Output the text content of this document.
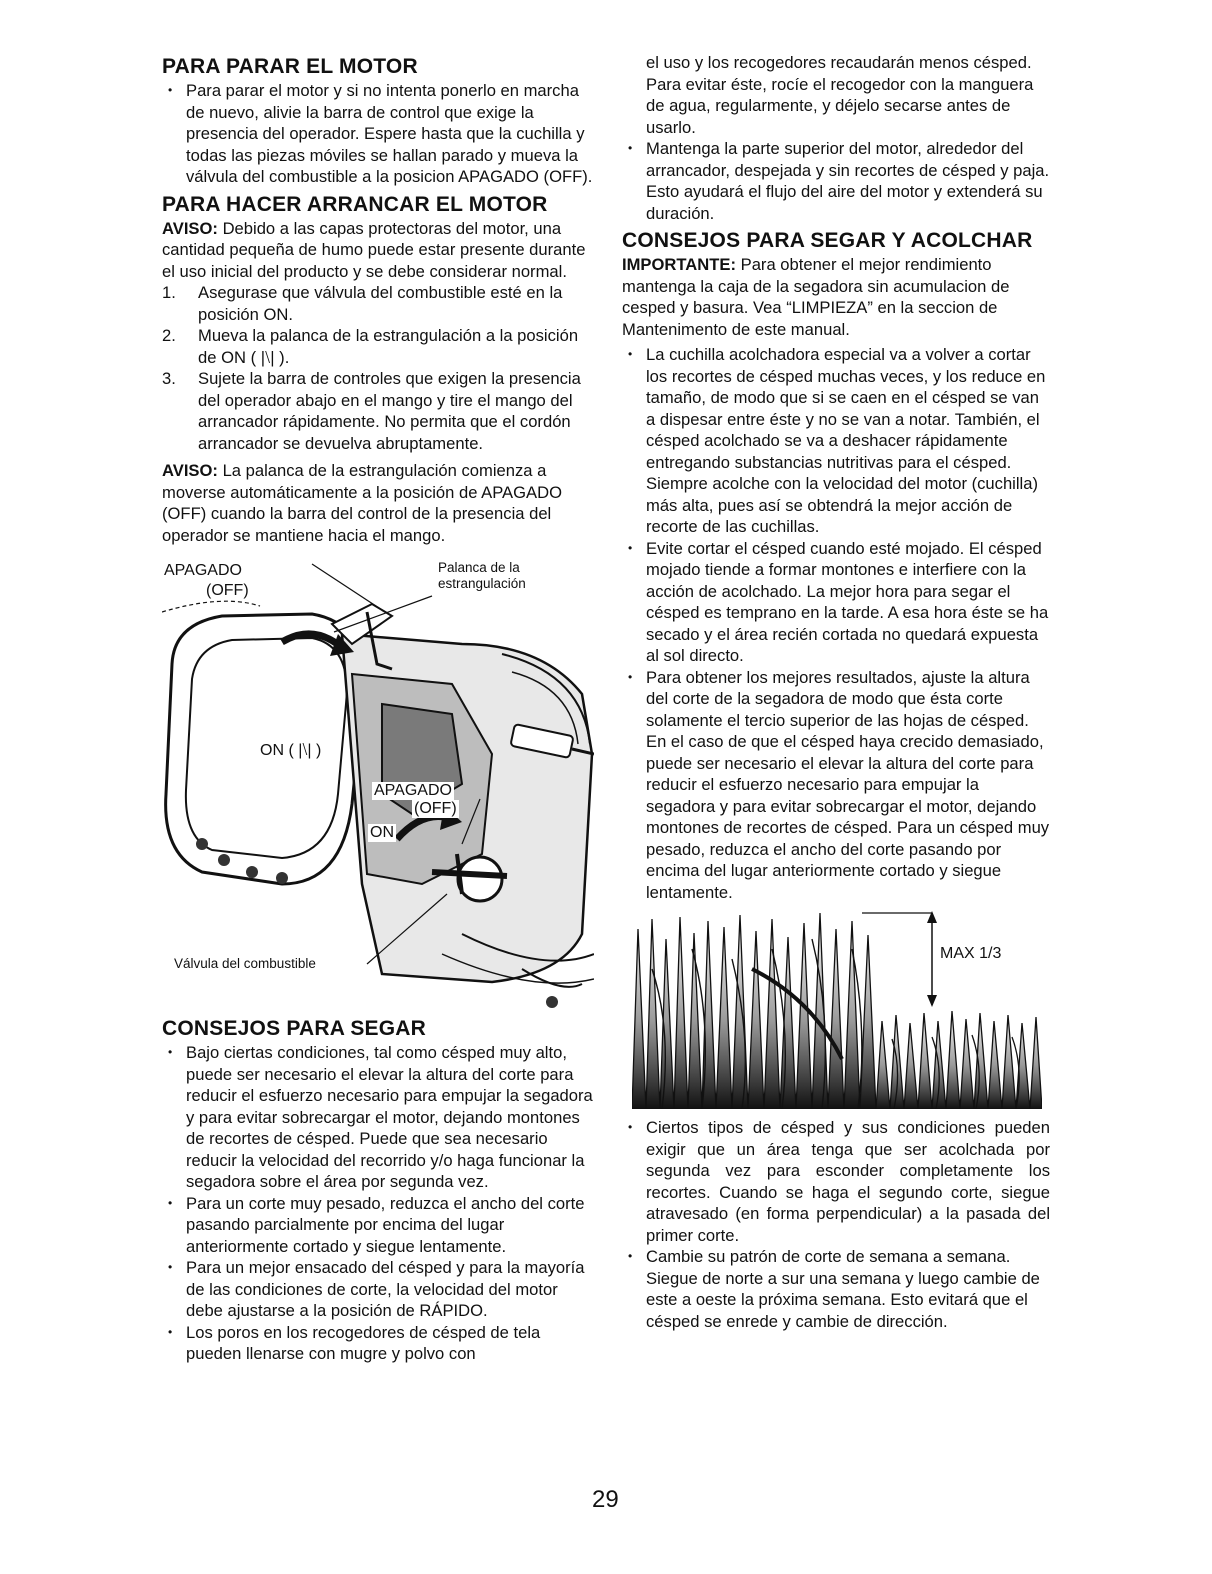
PARA PARAR EL MOTOR
• Para parar el motor y si no intenta ponerlo en marcha de nuevo, alivie la barra de control que exige la presencia del operador. Espere hasta que la cuchilla y todas las piezas móviles se hallan parado y mueva la válvula del combustible a la posicion APAGADO (OFF).
PARA HACER ARRANCAR EL MOTOR

AVISO: Debido a las capas protectoras del motor, una cantidad pequeña de humo puede estar presente durante el uso inicial del producto y se debe considerar normal.

1. Asegurase que válvula del combustible esté en la posición ON.
2. Mueva la palanca de la estrangulación a la posición de ON ( |⧵| ).
3. Sujete la barra de controles que exigen la presencia del operador abajo en el mango y tire el mango del arrancador rápidamente. No permita que el cordón arrancador se devuelva abruptamente.

AVISO: La palanca de la estrangulación comienza a moverse automáticamente a la posición de APAGADO (OFF) cuando la barra del control de la presencia del operador se mantiene hacia el mango.

APAGADO
(OFF)
Palanca de la
estrangulación
ON ( |⧵| )
APAGADO
(OFF)
ON
Válvula del combustible
CONSEJOS PARA SEGAR
• Bajo ciertas condiciones, tal como césped muy alto, puede ser necesario el elevar la altura del corte para reducir el esfuerzo necesario para empujar la segadora y para evitar sobrecargar el motor, dejando montones de recortes de césped. Puede que sea necesario reducir la velocidad del recorrido y/o haga funcionar la segadora sobre el área por segunda vez.
• Para un corte muy pesado, reduzca el ancho del corte pasando parcialmente por encima del lugar anteriormente cortado y siegue lentamente.
• Para un mejor ensacado del césped y para la mayoría de las condiciones de corte, la velocidad del motor debe ajustarse a la posición de RÁPIDO.
• Los poros en los recogedores de césped de tela pueden llenarse con mugre y polvo con

el uso y los recogedores recaudarán menos césped. Para evitar éste, rocíe el recogedor con la manguera de agua, regularmente, y déjelo secarse antes de usarlo.

• Mantenga la parte superior del motor, alrededor del arrancador, despejada y sin recortes de césped y paja. Esto ayudará el flujo del aire del motor y extenderá su duración.
CONSEJOS PARA SEGAR Y ACOLCHAR

IMPORTANTE: Para obtener el mejor rendimiento mantenga la caja de la segadora sin acumulacion de cesped y basura. Vea “LIMPIEZA” en la seccion de Mantenimento de este manual.

• La cuchilla acolchadora especial va a volver a cortar los recortes de césped muchas veces, y los reduce en tamaño, de modo que si se caen en el césped se van a dispesar entre éste y no se van a notar. También, el césped acolchado se va a deshacer rápidamente entregando substancias nutritivas para el césped. Siempre acolche con la velocidad del motor (cuchilla) más alta, pues así se obtendrá la mejor acción de recorte de las cuchillas.
• Evite cortar el césped cuando esté mojado. El césped mojado tiende a formar montones e interfiere con la acción de acolchado. La mejor hora para segar el césped es temprano en la tarde. A esa hora éste se ha secado y el área recién cortada no quedará expuesta al sol directo.
• Para obtener los mejores resultados, ajuste la altura del corte de la segadora de modo que ésta corte solamente el tercio superior de las hojas de césped. En el caso de que el césped haya crecido demasiado, puede ser necesario el elevar la altura del corte para reducir el esfuerzo necesario para empujar la segadora y para evitar sobrecargar el motor, dejando montones de recortes de césped. Para un césped muy pesado, reduzca el ancho del corte pasando por encima del lugar anteriormente cortado y siegue lentamente.
MAX 1/3
• Ciertos tipos de césped y sus condiciones pueden exigir que un área tenga que ser acolchada por segunda vez para esconder completamente los recortes. Cuando se haga el segundo corte, siegue atravesado (en forma perpendicular) a la pasada del primer corte.
• Cambie su patrón de corte de semana a semana. Siegue de norte a sur una semana y luego cambie de este a oeste la próxima semana. Esto evitará que el césped se enrede y cambie de dirección.
29
